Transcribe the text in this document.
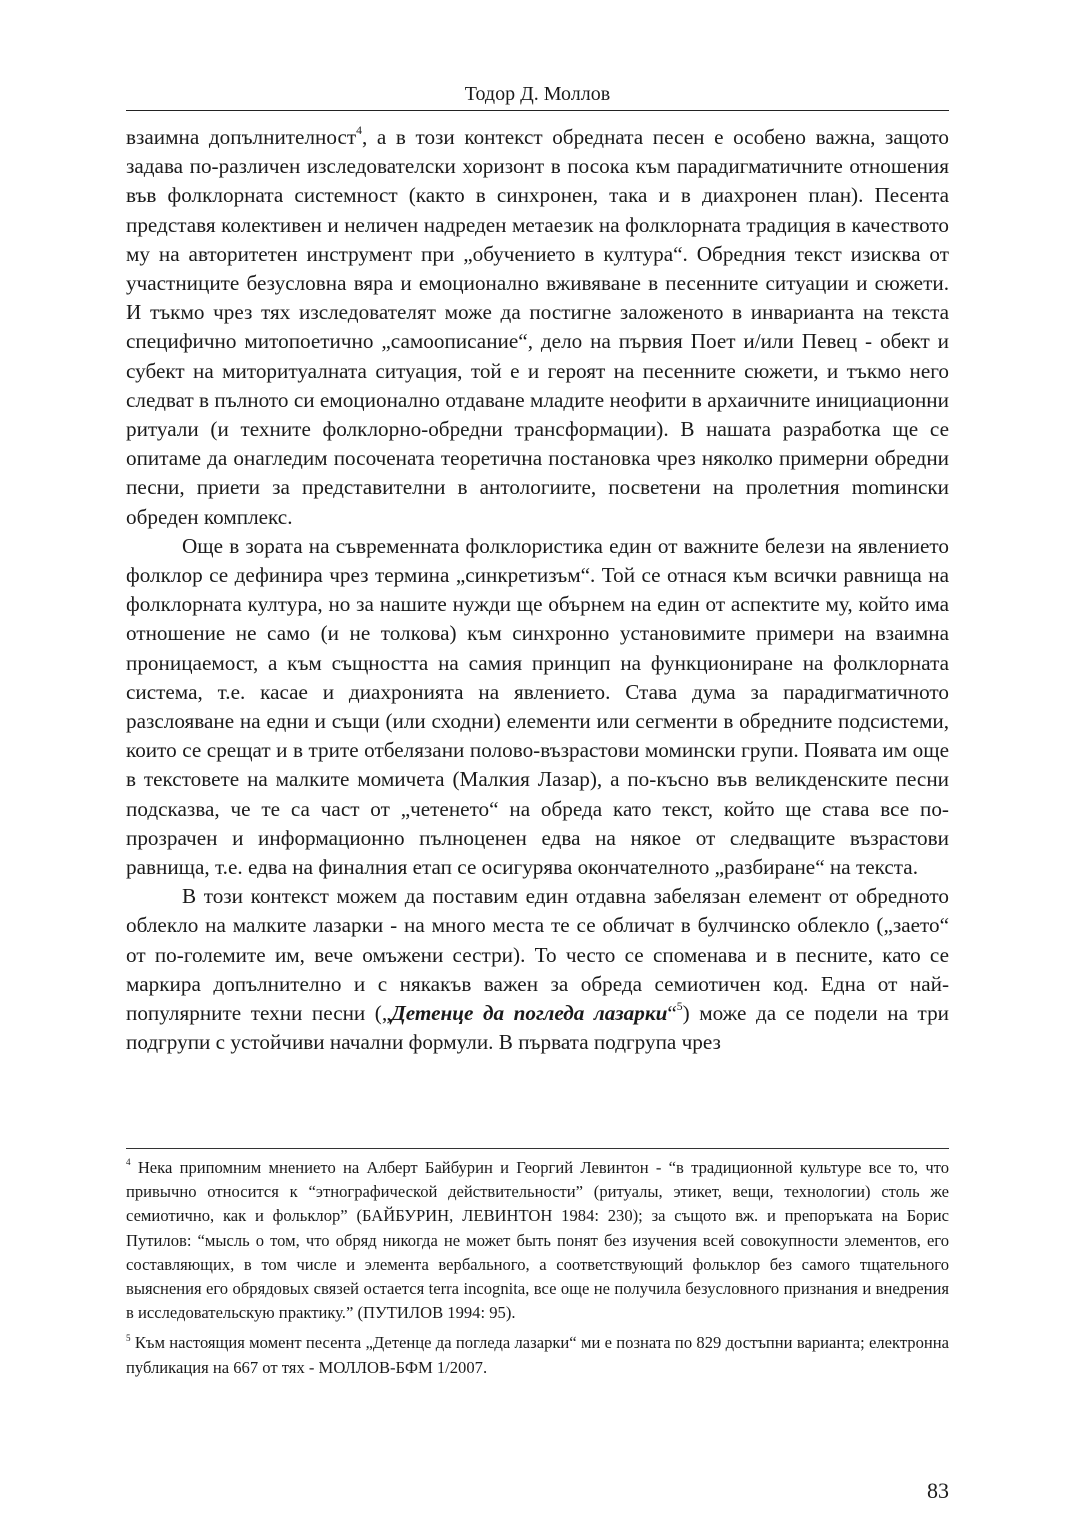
Тодор Д. Моллов

взаимна допълнителност$^4$, а в този контекст обредната песен е особено важна, защото задава по-различен изследователски хоризонт в посока към парадигматичните отношения във фолклорната системност (както в синхронен, така и в диахронен план). Песента представя колективен и неличен надреден метаезик на фолклорната традиция в качеството му на авторитетен инструмент при „обучението в култура“. Обредния текст изисква от участниците безусловна вяра и емоционално вживяване в песенните ситуации и сюжети. И тъкмо чрез тях изследователят може да постигне заложеното в инварианта на текста специфично митопоетично „самоописание“, дело на първия Поет и/или Певец - обект и субект на миторитуалната ситуация, той е и героят на песенните сюжети, и тъкмо него следват в пълното си емоционално отдаване младите неофити в архаичните инициационни ритуали (и техните фолклорно-обредни трансформации). В нашата разработка ще се опитаме да онагледим посочената теоретична постановка чрез няколко примерни обредни песни, приети за представителни в антологиите, посветени на пролетния momински обреден комплекс.

Още в зората на съвременната фолклористика един от важните белези на явлението фолклор се дефинира чрез термина „синкретизъм“. Той се отнася към всички равнища на фолклорната култура, но за нашите нужди ще обърнем на един от аспектите му, който има отношение не само (и не толкова) към синхронно установимите примери на взаимна проницаемост, а към същността на самия принцип на функциониране на фолклорната система, т.е. касае и диахронията на явлението. Става дума за парадигматичното разслояване на едни и същи (или сходни) елементи или сегменти в обредните подсистеми, които се срещат и в трите отбелязани полово-възрастови момински групи. Появата им още в текстовете на малките момичета (Малкия Лазар), а по-късно във великденските песни подсказва, че те са част от „четенето“ на обреда като текст, който ще става все по-прозрачен и информационно пълноценен едва на някое от следващите възрастови равнища, т.е. едва на финалния етап се осигурява окончателното „разбиране“ на текста.

В този контекст можем да поставим един отдавна забелязан елемент от обредното облекло на малките лазарки - на много места те се обличат в булчинско облекло („заето“ от по-големите им, вече омъжени сестри). То често се споменава и в песните, като се маркира допълнително и с някакъв важен за обреда семиотичен код. Една от най-популярните техни песни („Детенце да погледа лазарки“$^5$) може да се подели на три подгрупи с устойчиви начални формули. В първата подгрупа чрез

$^4$ Нека припомним мнението на Алберт Байбурин и Георгий Левинтон - “в традиционной культуре все то, что привычно относится к “этнографической действительности” (ритуалы, этикет, вещи, технологии) столь же семиотично, как и фольклор” (БАЙБУРИН, ЛЕВИНТОН 1984: 230); за същото вж. и препоръката на Борис Путилов: “мысль о том, что обряд никогда не может быть понят без изучения всей совокупности элементов, его составляющих, в том числе и элемента вербального, а соответствующий фольклор без самого тщательного выяснения его обрядовых связей остается terra incognita, все още не получила безусловного признания и внедрения в исследовательскую практику.” (ПУТИЛОВ 1994: 95).

$^5$ Към настоящия момент песента „Детенце да погледа лазарки“ ми е позната по 829 достъпни варианта; електронна публикация на 667 от тях - МОЛЛОВ-БФМ 1/2007.

83
